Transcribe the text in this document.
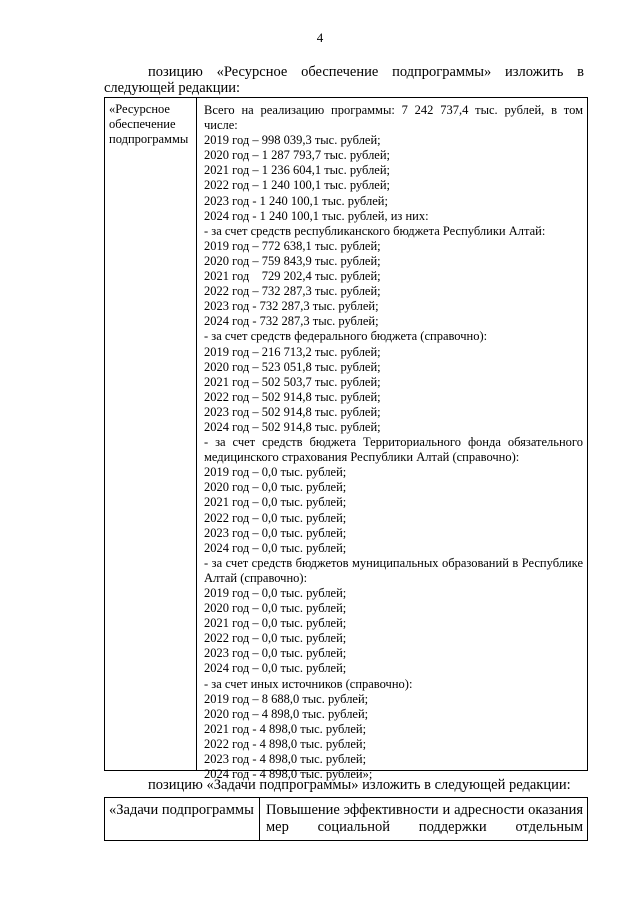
4
позицию «Ресурсное обеспечение подпрограммы» изложить в следующей редакции:
«Ресурсное обеспечение подпрограммы
Всего на реализацию программы: 7 242 737,4 тыс. рублей, в том числе:
2019 год – 998 039,3 тыс. рублей;
2020 год – 1 287 793,7 тыс. рублей;
2021 год – 1 236 604,1 тыс. рублей;
2022 год – 1 240 100,1 тыс. рублей;
2023 год - 1 240 100,1 тыс. рублей;
2024 год - 1 240 100,1 тыс. рублей, из них:
- за счет средств республиканского бюджета Республики Алтай:
2019 год – 772 638,1 тыс. рублей;
2020 год – 759 843,9 тыс. рублей;
2021 год    729 202,4 тыс. рублей;
2022 год – 732 287,3 тыс. рублей;
2023 год - 732 287,3 тыс. рублей;
2024 год - 732 287,3 тыс. рублей;
- за счет средств федерального бюджета (справочно):
2019 год – 216 713,2 тыс. рублей;
2020 год – 523 051,8 тыс. рублей;
2021 год – 502 503,7 тыс. рублей;
2022 год – 502 914,8 тыс. рублей;
2023 год – 502 914,8 тыс. рублей;
2024 год – 502 914,8 тыс. рублей;
- за счет средств бюджета Территориального фонда обязательного медицинского страхования Республики Алтай (справочно):
2019 год – 0,0 тыс. рублей;
2020 год – 0,0 тыс. рублей;
2021 год – 0,0 тыс. рублей;
2022 год – 0,0 тыс. рублей;
2023 год – 0,0 тыс. рублей;
2024 год – 0,0 тыс. рублей;
- за счет средств бюджетов муниципальных образований в Республике Алтай (справочно):
2019 год – 0,0 тыс. рублей;
2020 год – 0,0 тыс. рублей;
2021 год – 0,0 тыс. рублей;
2022 год – 0,0 тыс. рублей;
2023 год – 0,0 тыс. рублей;
2024 год – 0,0 тыс. рублей;
- за счет иных источников (справочно):
2019 год – 8 688,0 тыс. рублей;
2020 год – 4 898,0 тыс. рублей;
2021 год - 4 898,0 тыс. рублей;
2022 год - 4 898,0 тыс. рублей;
2023 год - 4 898,0 тыс. рублей;
2024 год - 4 898,0 тыс. рублей»;
позицию «Задачи подпрограммы» изложить в следующей редакции:
«Задачи подпрограммы Повышение эффективности и адресности оказания мер социальной поддержки отдельным
